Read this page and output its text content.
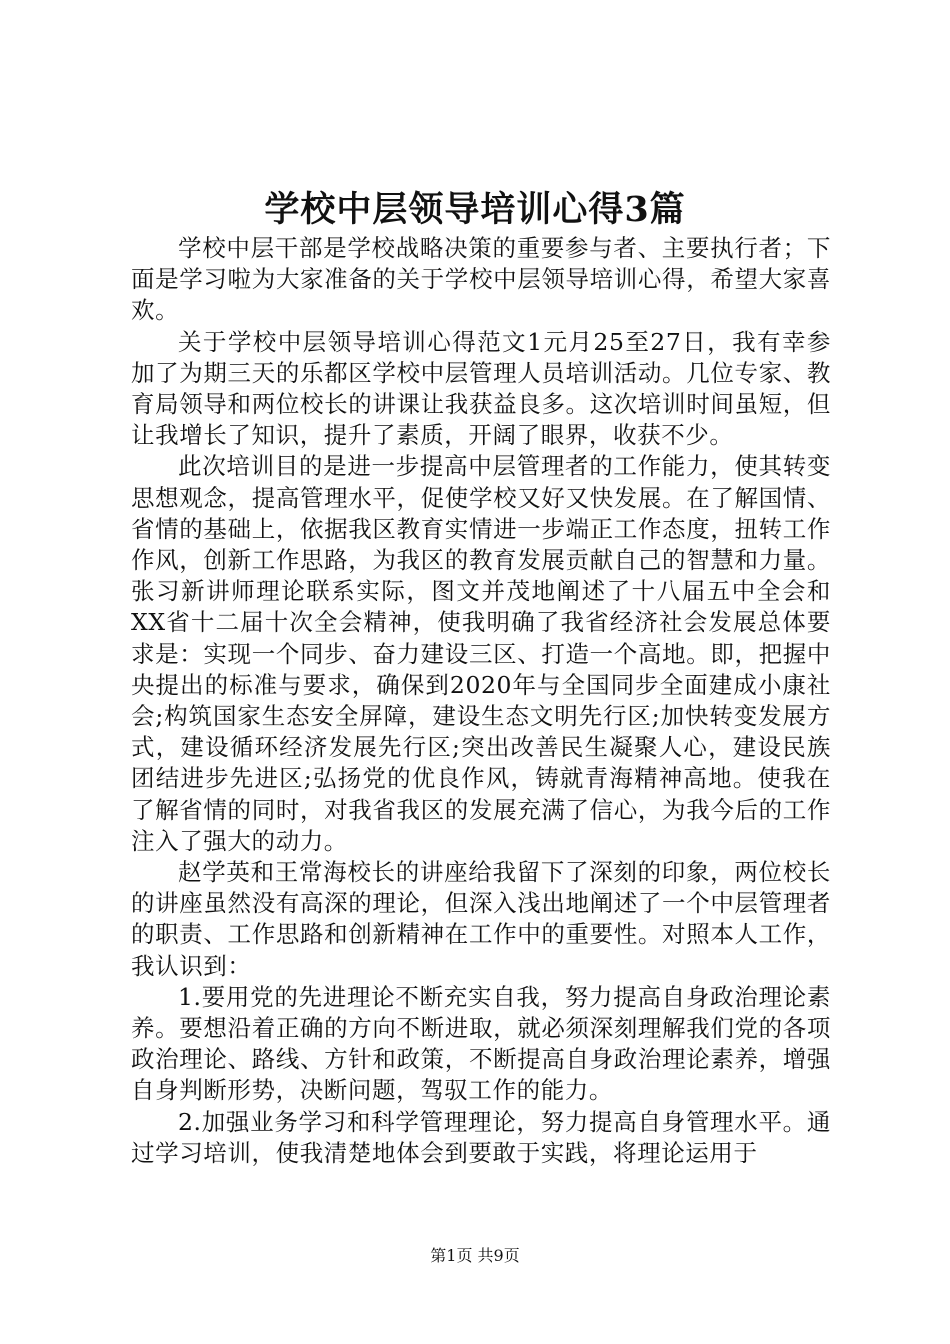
学校中层领导培训心得3篇

学校中层干部是学校战略决策的重要参与者、主要执行者；下面是学习啦为大家准备的关于学校中层领导培训心得，希望大家喜欢。

关于学校中层领导培训心得范文1元月25至27日，我有幸参加了为期三天的乐都区学校中层管理人员培训活动。几位专家、教育局领导和两位校长的讲课让我获益良多。这次培训时间虽短，但让我增长了知识，提升了素质，开阔了眼界，收获不少。

此次培训目的是进一步提高中层管理者的工作能力，使其转变思想观念，提高管理水平，促使学校又好又快发展。在了解国情、省情的基础上，依据我区教育实情进一步端正工作态度，扭转工作作风，创新工作思路，为我区的教育发展贡献自己的智慧和力量。张习新讲师理论联系实际，图文并茂地阐述了十八届五中全会和XX省十二届十次全会精神，使我明确了我省经济社会发展总体要求是：实现一个同步、奋力建设三区、打造一个高地。即，把握中央提出的标准与要求，确保到2020年与全国同步全面建成小康社会;构筑国家生态安全屏障，建设生态文明先行区;加快转变发展方式，建设循环经济发展先行区;突出改善民生凝聚人心，建设民族团结进步先进区;弘扬党的优良作风，铸就青海精神高地。使我在了解省情的同时，对我省我区的发展充满了信心，为我今后的工作注入了强大的动力。

赵学英和王常海校长的讲座给我留下了深刻的印象，两位校长的讲座虽然没有高深的理论，但深入浅出地阐述了一个中层管理者的职责、工作思路和创新精神在工作中的重要性。对照本人工作，我认识到：

1.要用党的先进理论不断充实自我，努力提高自身政治理论素养。要想沿着正确的方向不断进取，就必须深刻理解我们党的各项政治理论、路线、方针和政策，不断提高自身政治理论素养，增强自身判断形势，决断问题，驾驭工作的能力。

2.加强业务学习和科学管理理论，努力提高自身管理水平。通过学习培训，使我清楚地体会到要敢于实践，将理论运用于

第1页 共9页
